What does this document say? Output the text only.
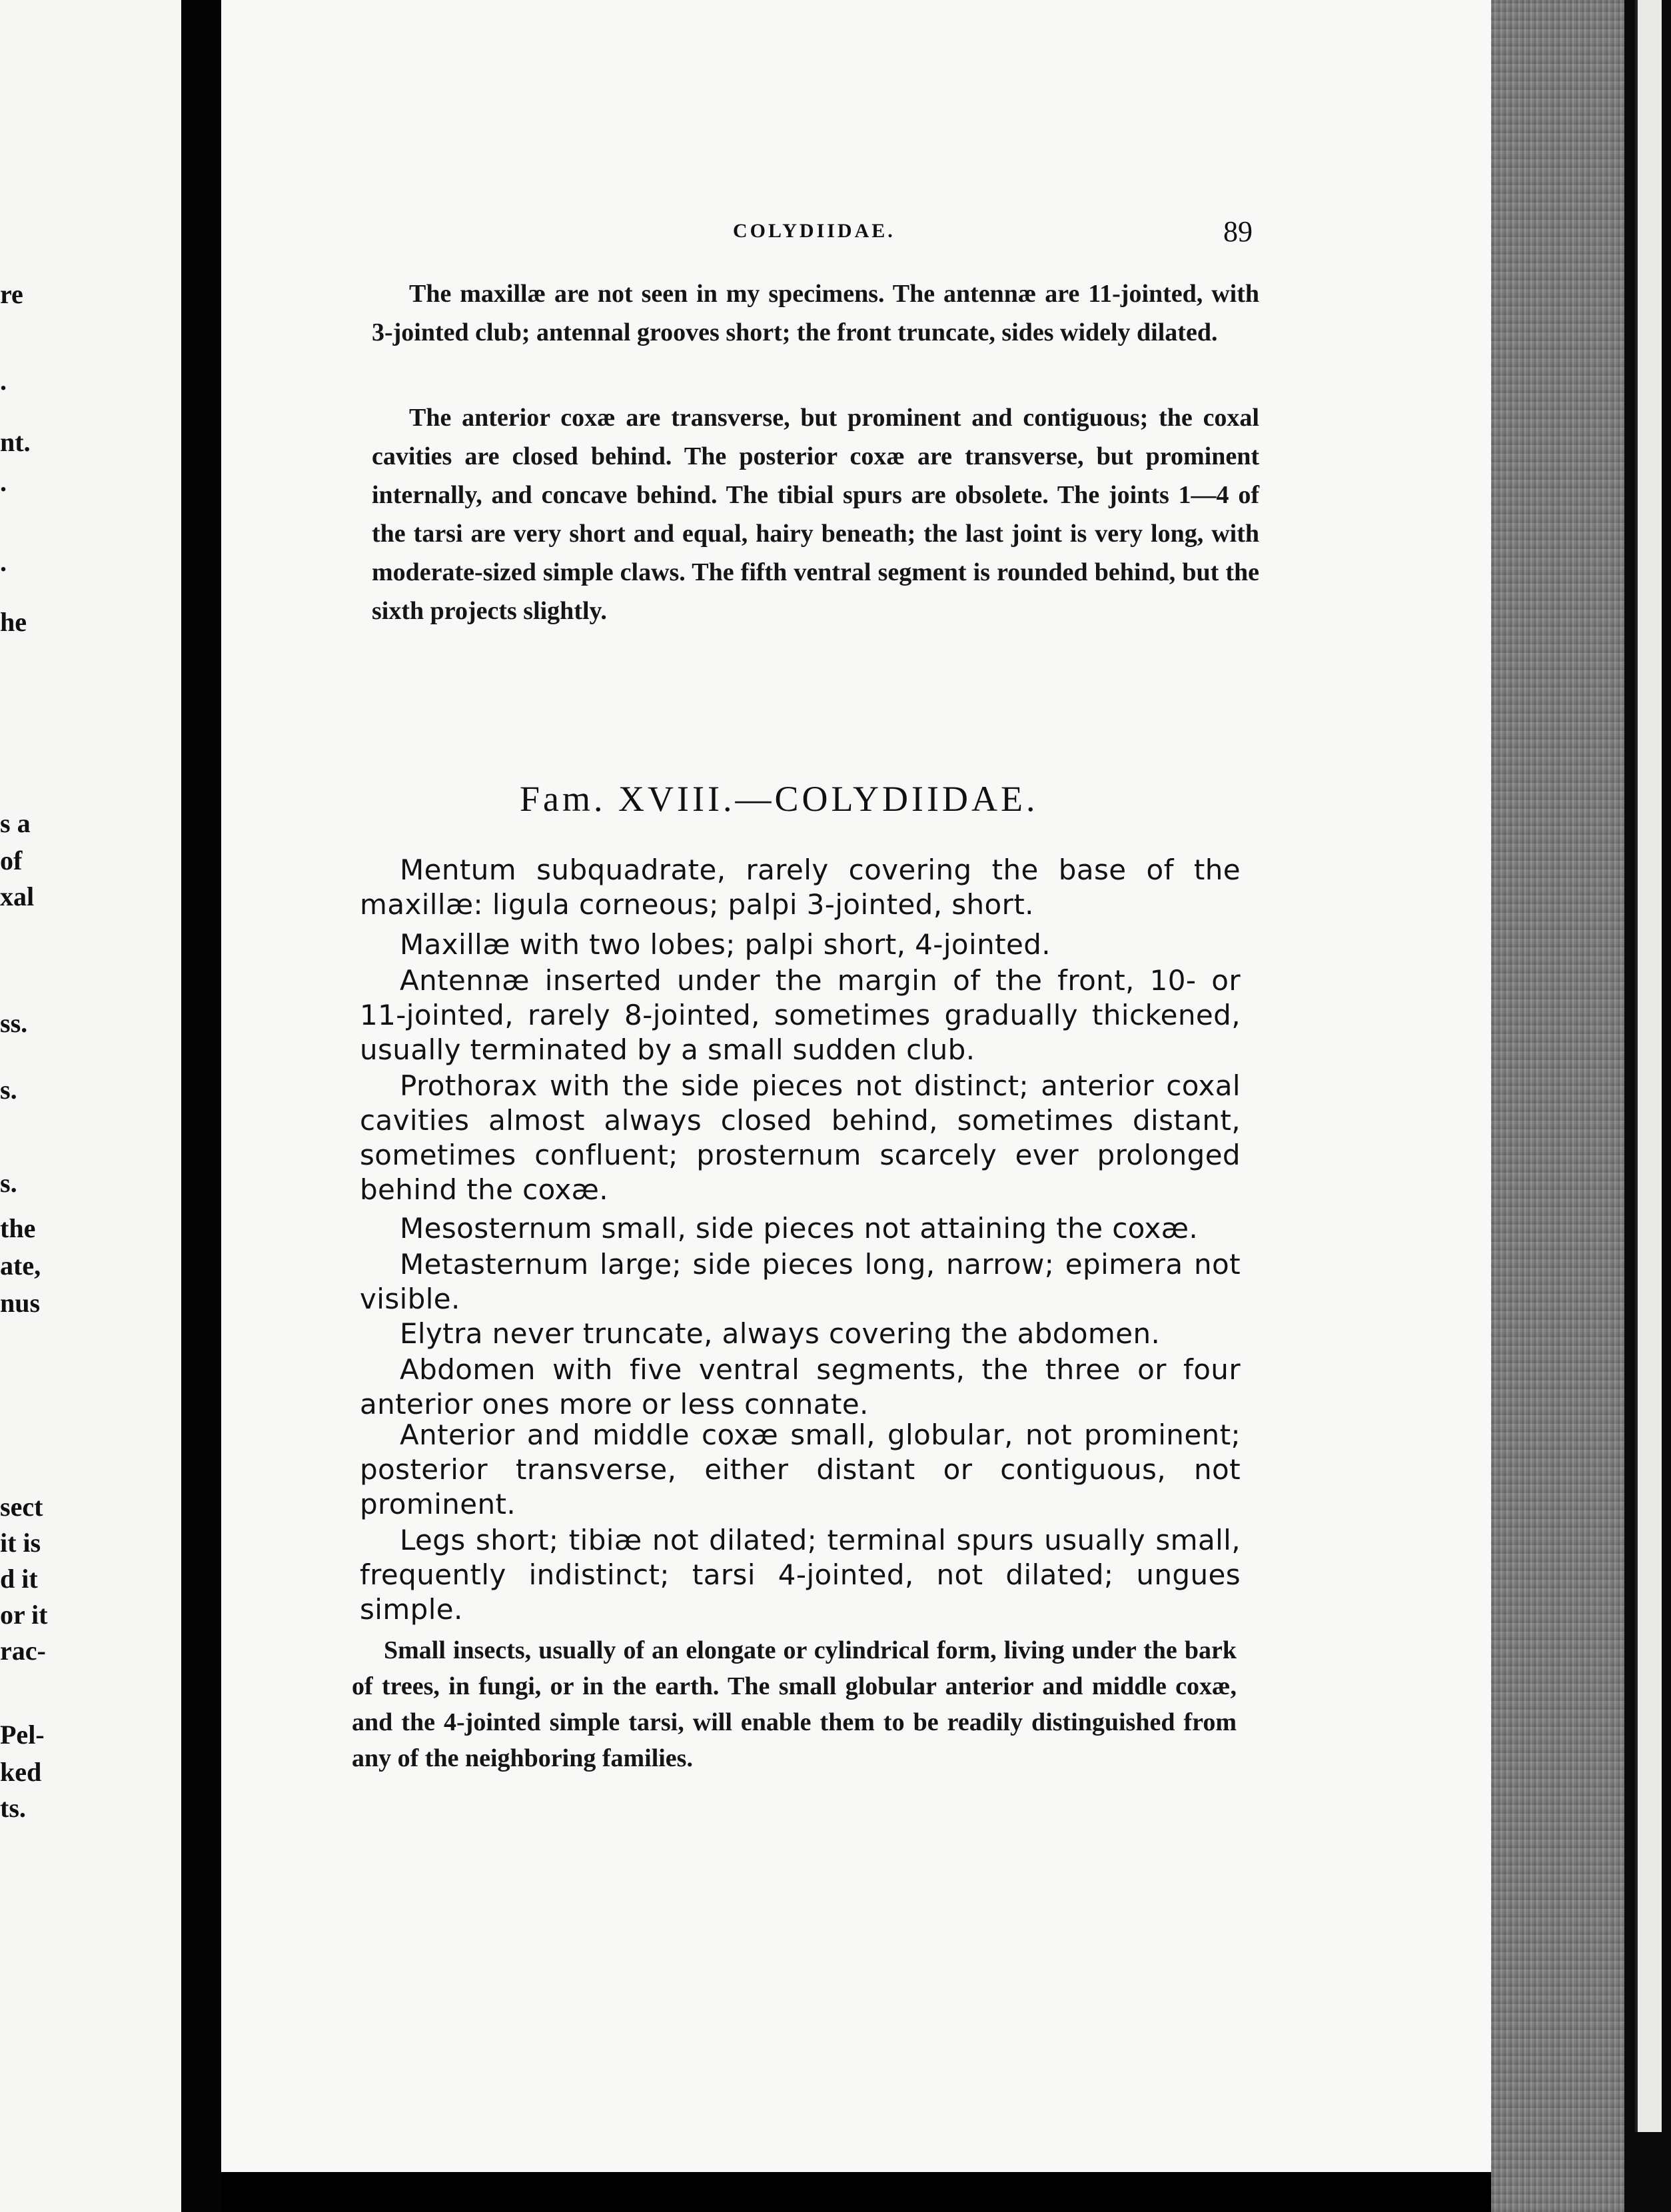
re
.
nt.
.
.
he
s a
of
xal
ss.
s.
s.
the
ate,
nus
sect
it is
d it
or it
rac-
Pel-
ked
ts.
COLYDIIDAE.	89

The maxillæ are not seen in my specimens. The antennæ are 11-jointed, with 3-jointed club; antennal grooves short; the front truncate, sides widely dilated.

The anterior coxæ are transverse, but prominent and contiguous; the coxal cavities are closed behind. The posterior coxæ are transverse, but prominent internally, and concave behind. The tibial spurs are obsolete. The joints 1—4 of the tarsi are very short and equal, hairy beneath; the last joint is very long, with moderate-sized simple claws. The fifth ventral segment is rounded behind, but the sixth projects slightly.

Fam. XVIII.—COLYDIIDAE.

Mentum subquadrate, rarely covering the base of the maxillæ: ligula corneous; palpi 3-jointed, short.

Maxillæ with two lobes; palpi short, 4-jointed.

Antennæ inserted under the margin of the front, 10- or 11-jointed, rarely 8-jointed, sometimes gradually thickened, usually terminated by a small sudden club.

Prothorax with the side pieces not distinct; anterior coxal cavities almost always closed behind, sometimes distant, sometimes confluent; prosternum scarcely ever prolonged behind the coxæ.

Mesosternum small, side pieces not attaining the coxæ.

Metasternum large; side pieces long, narrow; epimera not visible.

Elytra never truncate, always covering the abdomen.

Abdomen with five ventral segments, the three or four anterior ones more or less connate.

Anterior and middle coxæ small, globular, not prominent; posterior transverse, either distant or contiguous, not prominent.

Legs short; tibiæ not dilated; terminal spurs usually small, frequently indistinct; tarsi 4-jointed, not dilated; ungues simple.

Small insects, usually of an elongate or cylindrical form, living under the bark of trees, in fungi, or in the earth. The small globular anterior and middle coxæ, and the 4-jointed simple tarsi, will enable them to be readily distinguished from any of the neighboring families.
